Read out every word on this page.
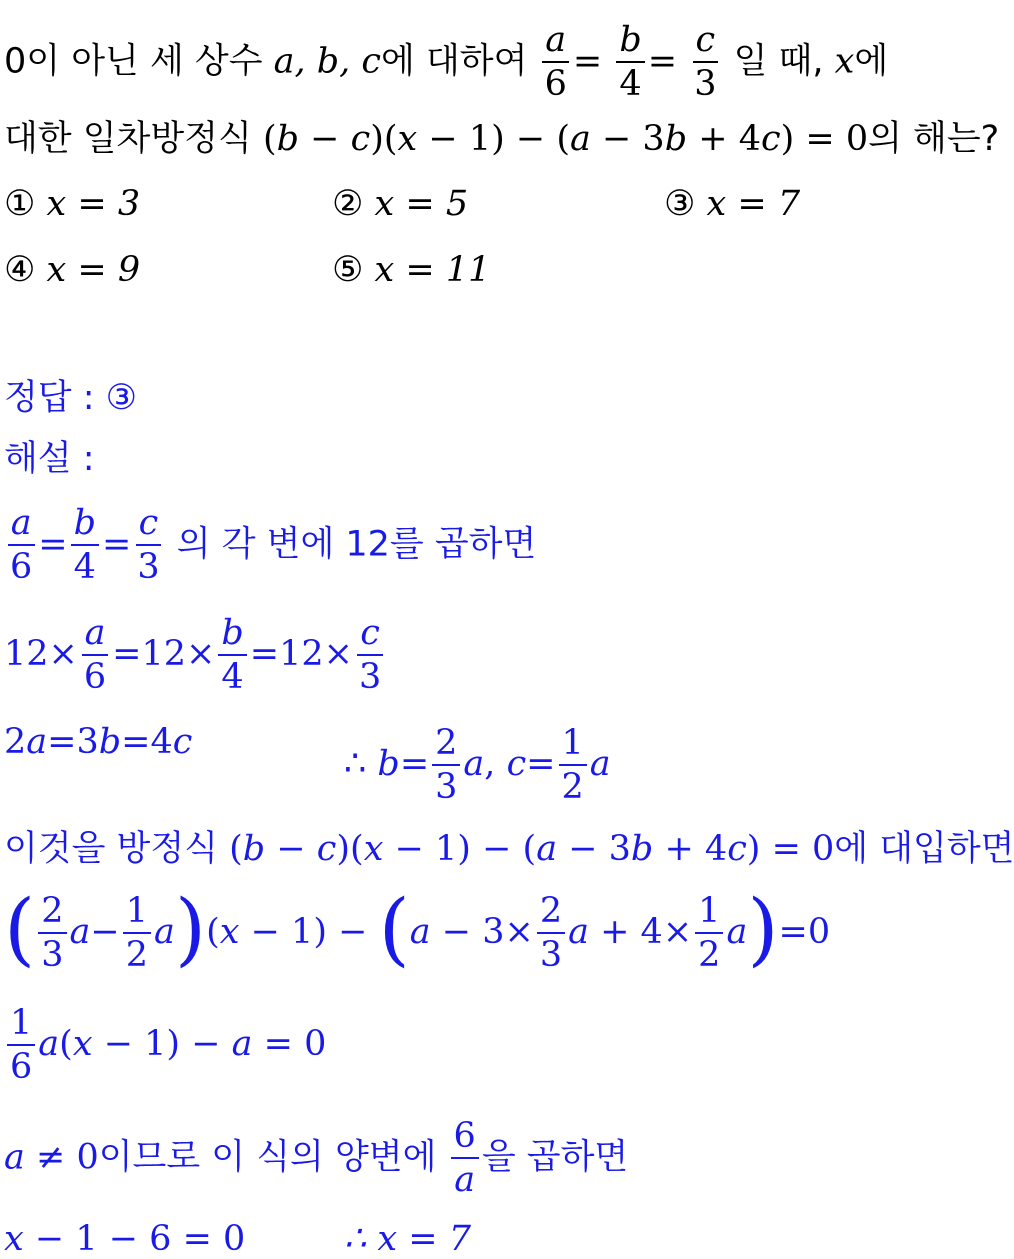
0이 아닌 세 상수 a, b, c에 대하여 $\frac{a}{6} = \frac{b}{4} = \frac{c}{3}$ 일 때, x에
대한 일차방정식 (b − c)(x − 1) − (a − 3b + 4c) = 0의 해는?
① x = 3	② x = 5	③ x = 7
④ x = 9	⑤ x = 11
정답 : ③
해설 :
$\frac{a}{6} = \frac{b}{4} = \frac{c}{3}$ 의 각 변에 12를 곱하면
$12\times \frac{a}{6} =12\times \frac{b}{4} =12\times \frac{c}{3}$
2a=3b=4c
∴ $b= \frac{2}{3} a$, $c= \frac{1}{2}$ a
이것을 방정식 (b − c)(x − 1) − (a − 3b + 4c) = 0에 대입하면
( $\frac{2}{3} a- \frac{1}{2} a)(x - 1) - (a - 3\times \frac{2}{3}$ $a + 4\times \frac{1}{2} a)=0$
$\frac{1}{6} a(x - 1) - a = 0$
a ≠ 0이므로 이 식의 양변에 $\frac{6}{a}$ 을 곱하면
x − 1 − 6 = 0	∴ x = 7
